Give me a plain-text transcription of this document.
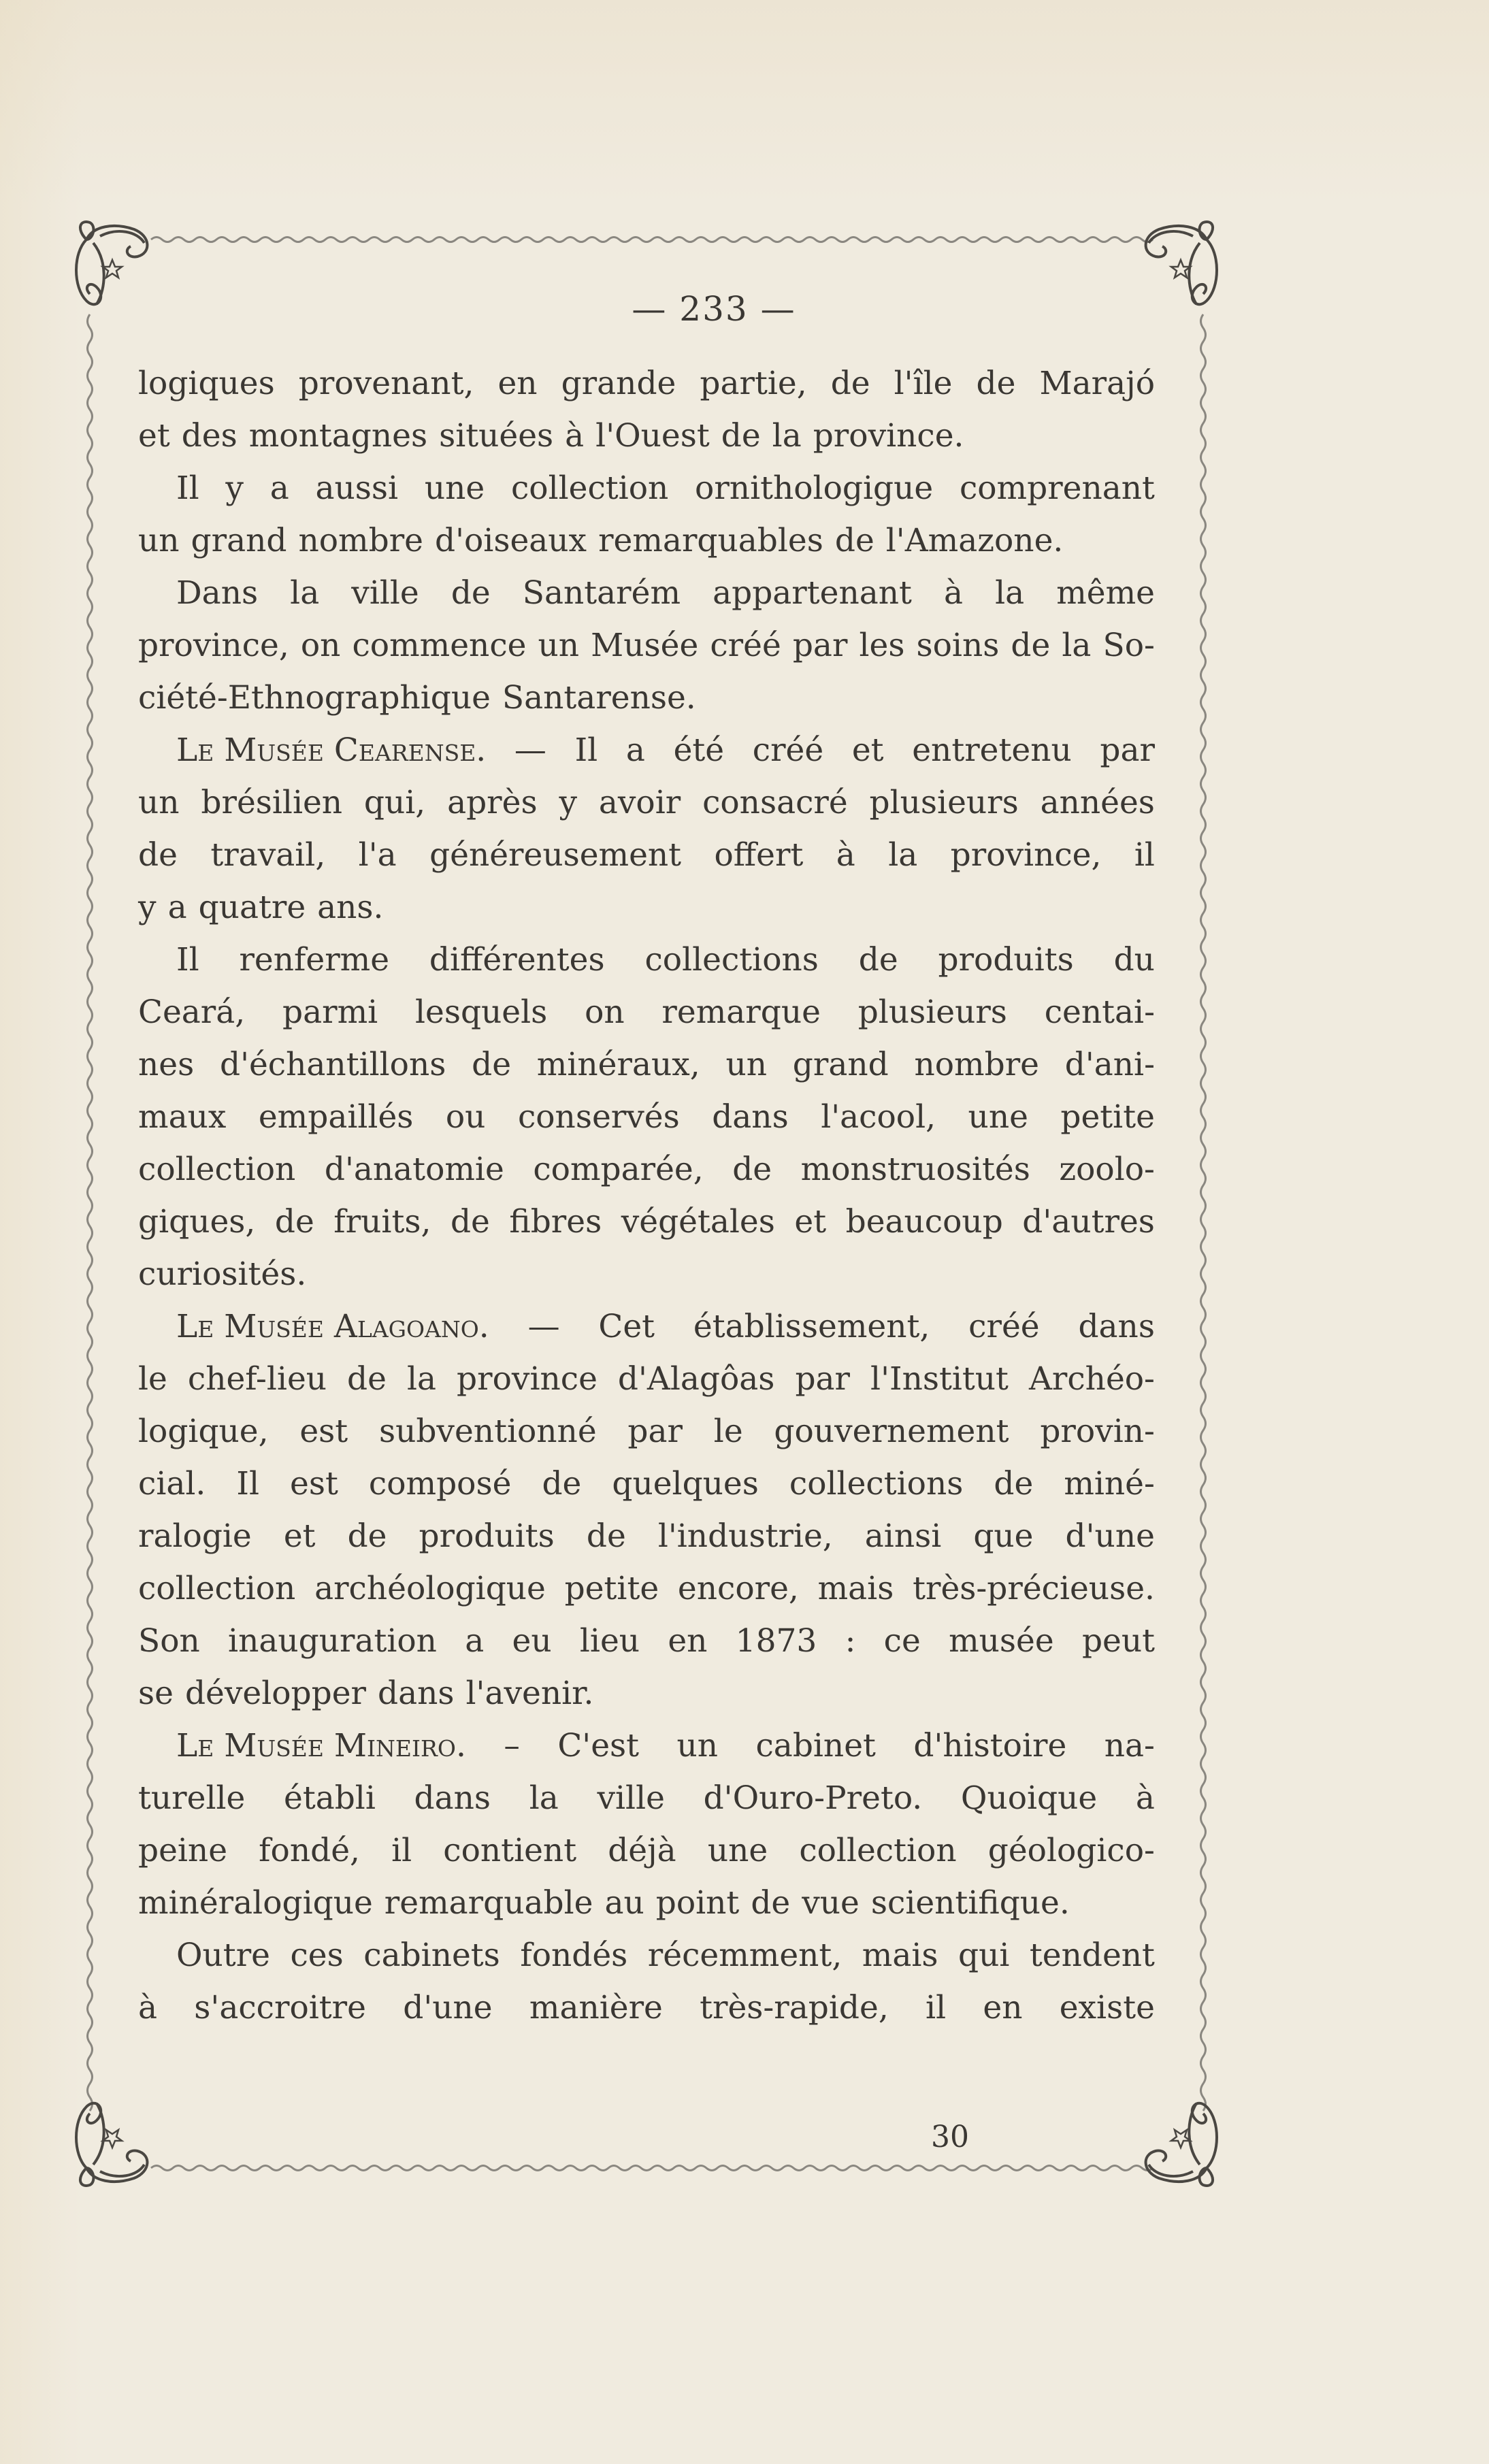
— 233 —
logiques provenant, en grande partie, de l'île de Marajó
et des montagnes situées à l'Ouest de la province.
Il y a aussi une collection ornithologigue comprenant
un grand nombre d'oiseaux remarquables de l'Amazone.
Dans la ville de Santarém appartenant à la même
province, on commence un Musée créé par les soins de la So-
ciété-Ethnographique Santarense.
Le Musée Cearense. — Il a été créé et entretenu par
un brésilien qui, après y avoir consacré plusieurs années
de travail, l'a généreusement offert à la province, il
y a quatre ans.
Il renferme différentes collections de produits du
Ceará, parmi lesquels on remarque plusieurs centai-
nes d'échantillons de minéraux, un grand nombre d'ani-
maux empaillés ou conservés dans l'acool, une petite
collection d'anatomie comparée, de monstruosités zoolo-
giques, de fruits, de fibres végétales et beaucoup d'autres
curiosités.
Le Musée Alagoano. — Cet établissement, créé dans
le chef-lieu de la province d'Alagôas par l'Institut Archéo-
logique, est subventionné par le gouvernement provin-
cial. Il est composé de quelques collections de miné-
ralogie et de produits de l'industrie, ainsi que d'une
collection archéologique petite encore, mais très-précieuse.
Son inauguration a eu lieu en 1873 : ce musée peut
se développer dans l'avenir.
Le Musée Mineiro. – C'est un cabinet d'histoire na-
turelle établi dans la ville d'Ouro-Preto. Quoique à
peine fondé, il contient déjà une collection géologico-
minéralogique remarquable au point de vue scientifique.
Outre ces cabinets fondés récemment, mais qui tendent
à s'accroitre d'une manière très-rapide, il en existe
30
